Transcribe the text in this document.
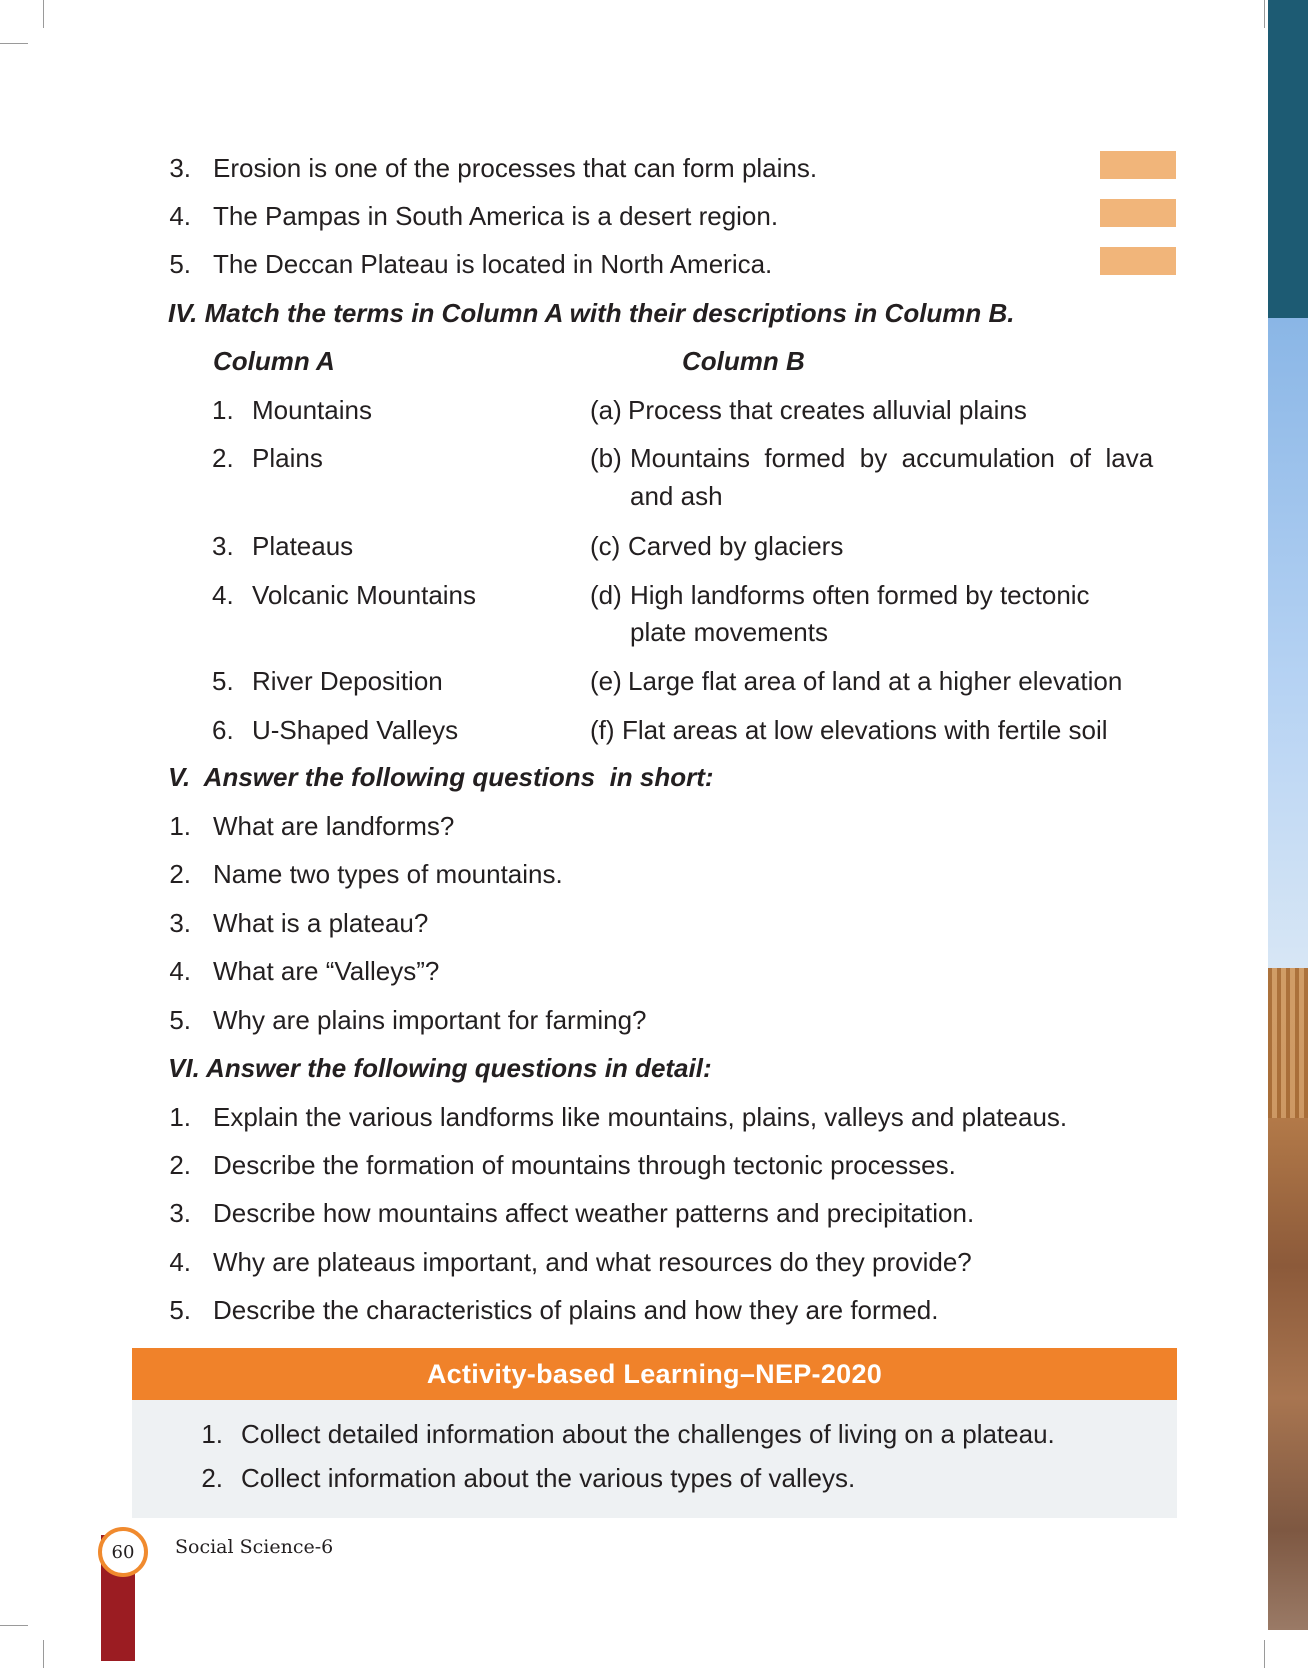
3. Erosion is one of the processes that can form plains.
4. The Pampas in South America is a desert region.
5. The Deccan Plateau is located in North America.
IV. Match the terms in Column A with their descriptions in Column B.
Column A	Column B
1. Mountains
2. Plains
3. Plateaus
4. Volcanic Mountains
5. River Deposition
6. U-Shaped Valleys
(a) Process that creates alluvial plains
(b) Mountains  formed  by  accumulation  of  lava
and ash
(c) Carved by glaciers
(d) High landforms often formed by tectonic
plate movements
(e) Large flat area of land at a higher elevation
(f) Flat areas at low elevations with fertile soil
V.  Answer the following questions  in short:
1. What are landforms?
2. Name two types of mountains.
3. What is a plateau?
4. What are “Valleys”?
5. Why are plains important for farming?
VI. Answer the following questions in detail:
1. Explain the various landforms like mountains, plains, valleys and plateaus.
2. Describe the formation of mountains through tectonic processes.
3. Describe how mountains affect weather patterns and precipitation.
4. Why are plateaus important, and what resources do they provide?
5. Describe the characteristics of plains and how they are formed.
Activity-based Learning–NEP-2020
1. Collect detailed information about the challenges of living on a plateau.
2. Collect information about the various types of valleys.
60 Social Science-6
